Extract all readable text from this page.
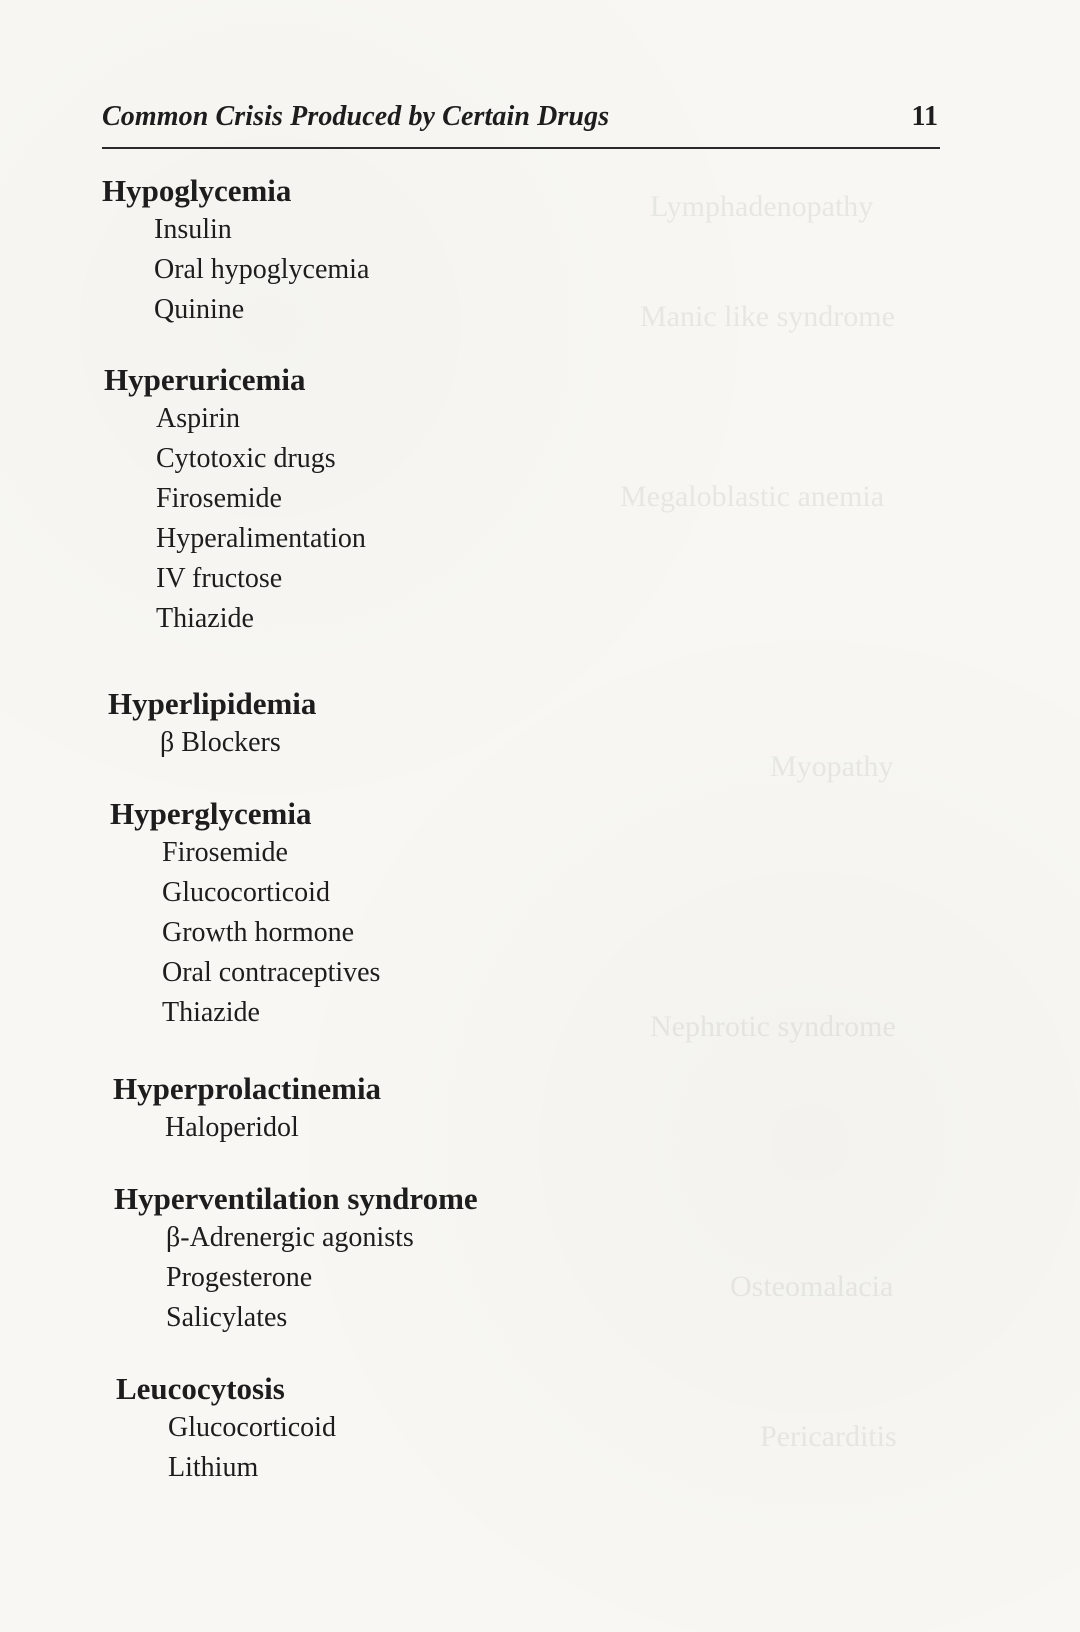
Lymphadenopathy
Manic like syndrome
Megaloblastic anemia
Myopathy
Nephrotic syndrome
Osteomalacia
Pericarditis
Common Crisis Produced by Certain Drugs	11
Hypoglycemia
Insulin
Oral hypoglycemia
Quinine
Hyperuricemia
Aspirin
Cytotoxic drugs
Firosemide
Hyperalimentation
IV fructose
Thiazide
Hyperlipidemia
β Blockers
Hyperglycemia
Firosemide
Glucocorticoid
Growth hormone
Oral contraceptives
Thiazide
Hyperprolactinemia
Haloperidol
Hyperventilation syndrome
β-Adrenergic agonists
Progesterone
Salicylates
Leucocytosis
Glucocorticoid
Lithium
